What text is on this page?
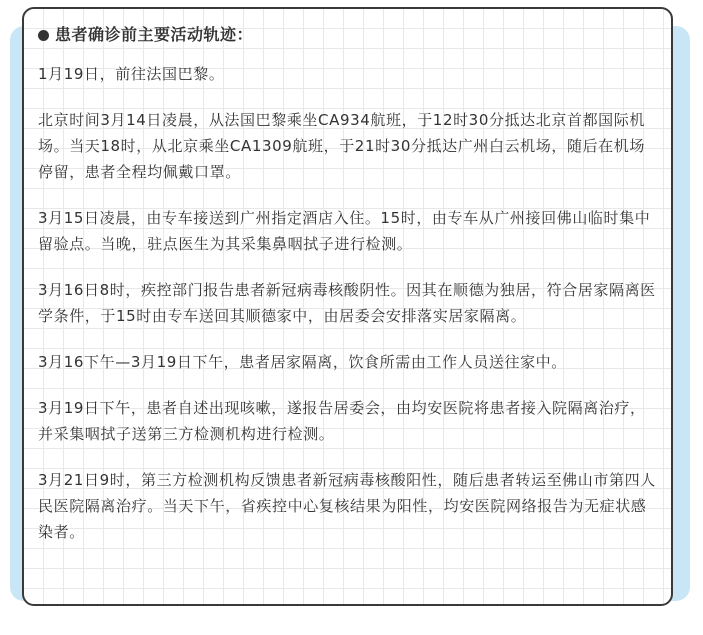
患者确诊前主要活动轨迹：

1月19日，前往法国巴黎。

北京时间3月14日凌晨，从法国巴黎乘坐CA934航班，于12时30分抵达北京首都国际机场。当天18时，从北京乘坐CA1309航班，于21时30分抵达广州白云机场，随后在机场停留，患者全程均佩戴口罩。

3月15日凌晨，由专车接送到广州指定酒店入住。15时，由专车从广州接回佛山临时集中留验点。当晚，驻点医生为其采集鼻咽拭子进行检测。

3月16日8时，疾控部门报告患者新冠病毒核酸阴性。因其在顺德为独居，符合居家隔离医学条件，于15时由专车送回其顺德家中，由居委会安排落实居家隔离。

3月16下午—3月19日下午，患者居家隔离，饮食所需由工作人员送往家中。

3月19日下午，患者自述出现咳嗽，遂报告居委会，由均安医院将患者接入院隔离治疗，并采集咽拭子送第三方检测机构进行检测。

3月21日9时，第三方检测机构反馈患者新冠病毒核酸阳性，随后患者转运至佛山市第四人民医院隔离治疗。当天下午，省疾控中心复核结果为阳性，均安医院网络报告为无症状感染者。
